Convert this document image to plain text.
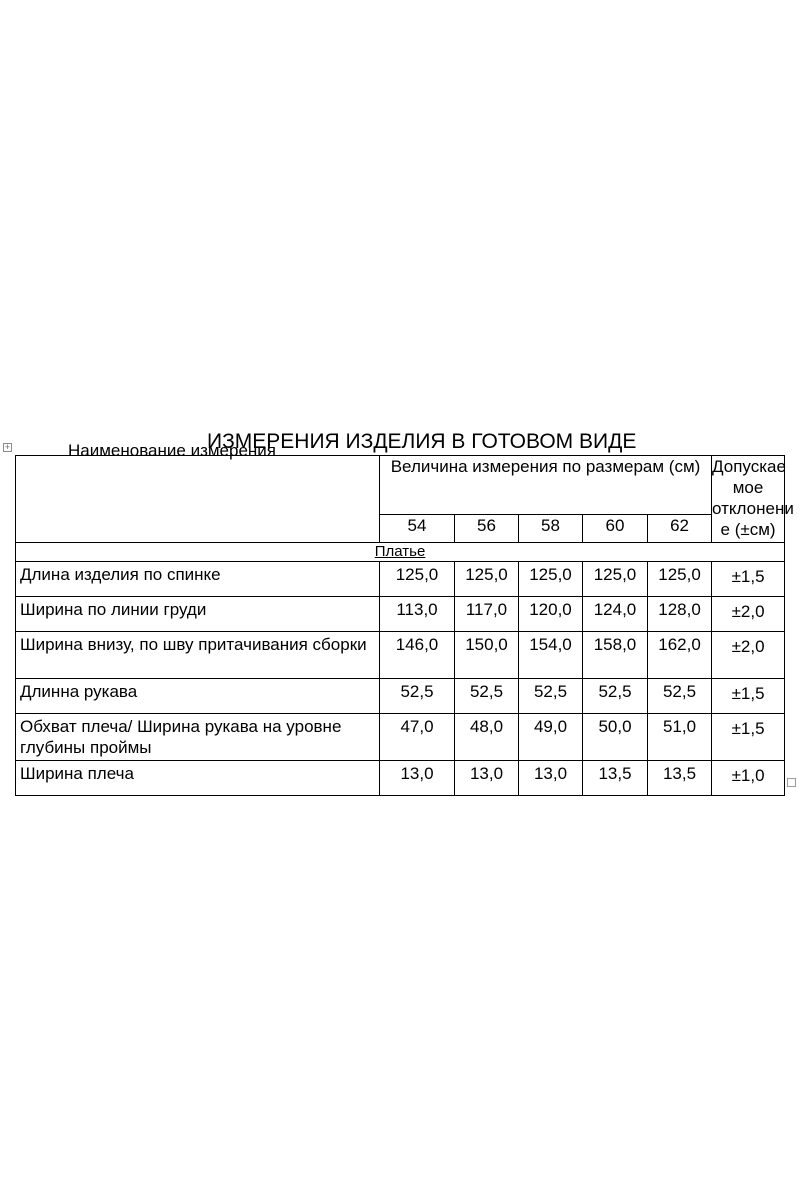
+	ИЗМЕРЕНИЯ ИЗДЕЛИЯ В ГОТОВОМ ВИДЕ
Наименование измерения	Величина измерения по размерам (см)					Допускае
мое
отклонени
е (±см)

	54	56	58	60	62	
Платье						
Длина изделия по спинке	125,0	125,0	125,0	125,0	125,0	±1,5
Ширина по линии груди	113,0	117,0	120,0	124,0	128,0	±2,0
Ширина внизу, по шву притачивания сборки	146,0	150,0	154,0	158,0	162,0	±2,0
Длинна рукава	52,5	52,5	52,5	52,5	52,5	±1,5
Обхват плеча/ Ширина рукава на уровне глубины проймы	47,0	48,0	49,0	50,0	51,0	±1,5
Ширина плеча	13,0	13,0	13,0	13,5	13,5	±1,0
